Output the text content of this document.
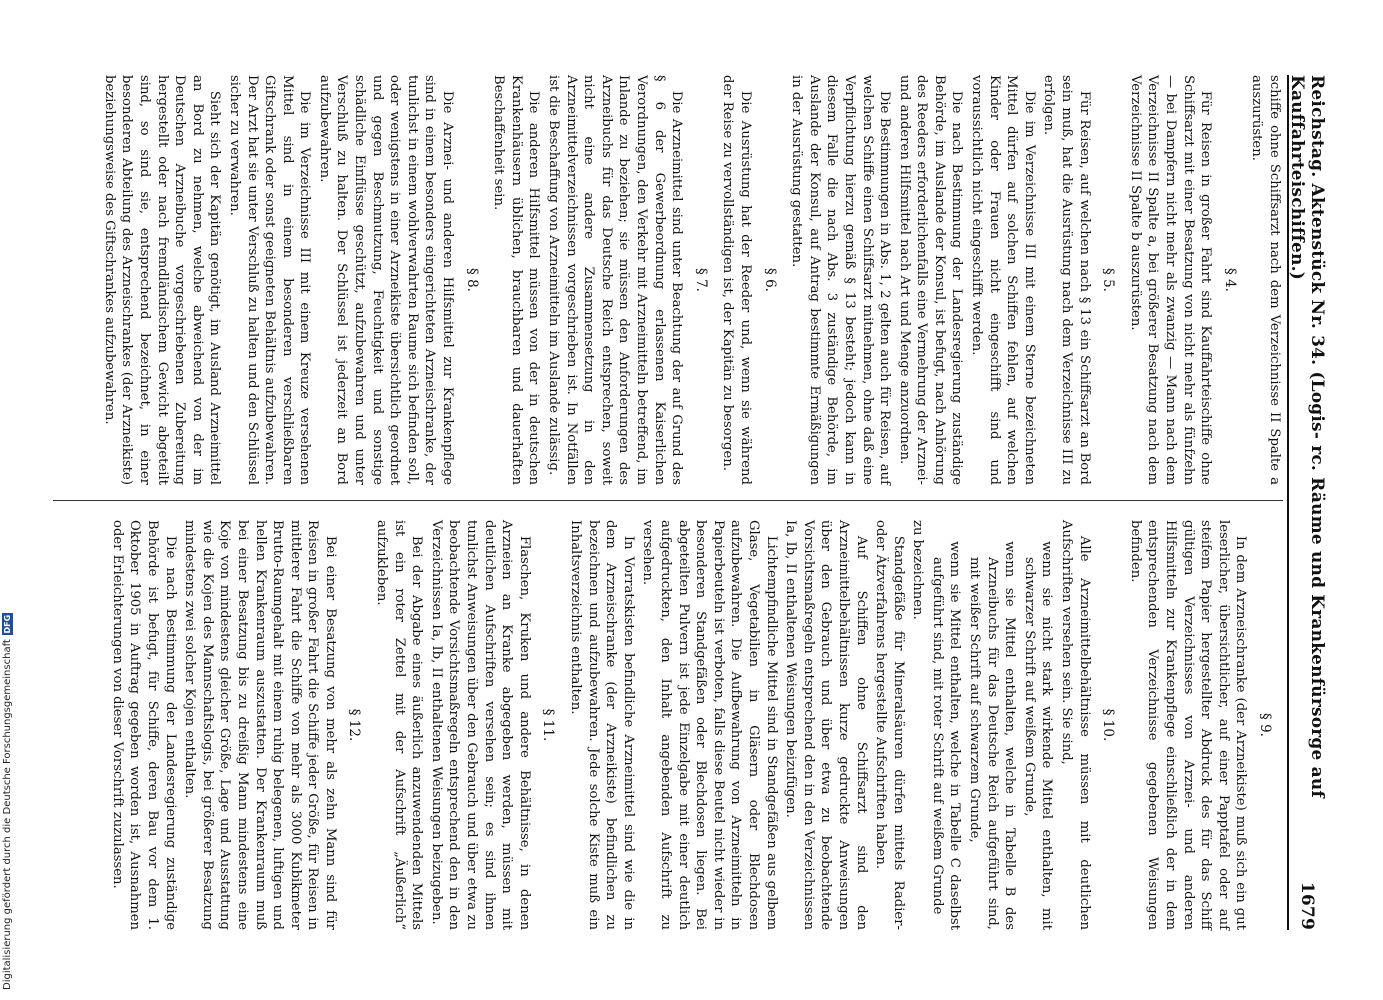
Reichstag. Aktenstück Nr. 34. (Logis- rc. Räume und Krankenfürsorge auf Kauffahrteischiffen.)
1679

schiffe ohne Schiffsarzt nach dem Verzeichnisse II Spalte a auszurüsten.

§ 4.

Für Reisen in großer Fahrt sind Kauffahrteischiffe ohne Schiffsarzt mit einer Besatzung von nicht mehr als fünfzehn — bei Dampfern nicht mehr als zwanzig — Mann nach dem Verzeichnisse II Spalte a, bei größerer Besatzung nach dem Verzeichnisse II Spalte b auszurüsten.

§ 5.

Für Reisen, auf welchen nach § 13 ein Schiffsarzt an Bord sein muß, hat die Ausrüstung nach dem Verzeichnisse III zu erfolgen.

Die im Verzeichnisse III mit einem Sterne bezeichneten Mittel dürfen auf solchen Schiffen fehlen, auf welchen Kinder oder Frauen nicht eingeschifft sind und voraussichtlich nicht eingeschifft werden.

Die nach Bestimmung der Landesregierung zuständige Behörde, im Auslande der Konsul, ist befugt, nach Anhörung des Reeders erforderlichenfalls eine Vermehrung der Arznei- und anderen Hilfsmittel nach Art und Menge anzuordnen.

Die Bestimmungen in Abs. 1, 2 gelten auch für Reisen, auf welchen Schiffe einen Schiffsarzt mitnehmen, ohne daß eine Verpflichtung hierzu gemäß § 13 besteht; jedoch kann in diesem Falle die nach Abs. 3 zuständige Behörde, im Auslande der Konsul, auf Antrag bestimmte Ermäßigungen in der Ausrüstung gestatten.

§ 6.

Die Ausrüstung hat der Reeder und, wenn sie während der Reise zu vervollständigen ist, der Kapitän zu besorgen.

§ 7.

Die Arzneimittel sind unter Beachtung der auf Grund des § 6 der Gewerbeordnung erlassenen Kaiserlichen Verordnungen, den Verkehr mit Arzneimitteln betreffend, im Inlande zu beziehen; sie müssen den Anforderungen des Arzneibuchs für das Deutsche Reich entsprechen, soweit nicht eine andere Zusammensetzung in den Arzneimittelverzeichnissen vorgeschrieben ist. In Notfällen ist die Beschaffung von Arzneimitteln im Auslande zulässig.

Die anderen Hilfsmittel müssen von der in deutschen Krankenhäusern üblichen, brauchbaren und dauerhaften Beschaffenheit sein.

§ 8.

Die Arznei- und anderen Hilfsmittel zur Krankenpflege sind in einem besonders eingerichteten Arzneischranke, der tunlichst in einem wohlverwahrten Raume sich befinden soll, oder wenigstens in einer Arzneikiste übersichtlich geordnet und gegen Beschmutzung, Feuchtigkeit und sonstige schädliche Einflüsse geschützt, aufzubewahren und unter Verschluß zu halten. Der Schlüssel ist jederzeit an Bord aufzubewahren.

Die im Verzeichnisse III mit einem Kreuze versehenen Mittel sind in einem besonderen verschließbaren Giftschrank oder sonst geeigneten Behältnis aufzubewahren. Der Arzt hat sie unter Verschluß zu halten und den Schlüssel sicher zu verwahren.

Sieht sich der Kapitän genötigt, im Ausland Arzneimittel an Bord zu nehmen, welche abweichend von der im Deutschen Arzneibuche vorgeschriebenen Zubereitung hergestellt oder nach fremdländischem Gewicht abgeteilt sind, so sind sie, entsprechend bezeichnet, in einer besonderen Abteilung des Arzneischrankes (der Arzneikiste) beziehungsweise des Giftschrankes aufzubewahren.

§ 9.

In dem Arzneischranke (der Arzneikiste) muß sich ein gut leserlicher, übersichtlicher, auf einer Papptafel oder auf steifem Papier hergestellter Abdruck des für das Schiff gültigen Verzeichnisses von Arznei- und anderen Hilfsmitteln zur Krankenpflege einschließlich der in dem entsprechenden Verzeichnisse gegebenen Weisungen befinden.

§ 10.

Alle Arzneimittelbehältnisse müssen mit deutlichen Aufschriften versehen sein. Sie sind,

wenn sie nicht stark wirkende Mittel enthalten, mit schwarzer Schrift auf weißem Grunde,

wenn sie Mittel enthalten, welche in Tabelle B des Arzneibuchs für das Deutsche Reich aufgeführt sind, mit weißer Schrift auf schwarzem Grunde,

wenn sie Mittel enthalten, welche in Tabelle C daselbst aufgeführt sind, mit roter Schrift auf weißem Grunde

zu bezeichnen.

Standgefäße für Mineralsäuren dürfen mittels Radier- oder Ätzverfahrens hergestellte Aufschriften haben.

Auf Schiffen ohne Schiffsarzt sind den Arzneimittelbehältnissen kurze gedruckte Anweisungen über den Gebrauch und über etwa zu beobachtende Vorsichtsmaßregeln entsprechend den in den Verzeichnissen Ia, Ib, II enthaltenen Weisungen beizufügen.

Lichtempfindliche Mittel sind in Standgefäßen aus gelbem Glase, Vegetabilien in Gläsern oder Blechdosen aufzubewahren. Die Aufbewahrung von Arzneimitteln in Papierbeuteln ist verboten, falls diese Beutel nicht wieder in besonderen Standgefäßen oder Blechdosen liegen. Bei abgeteilten Pulvern ist jede Einzelgabe mit einer deutlich aufgedruckten, den Inhalt angebenden Aufschrift zu versehen.

In Vorratskisten befindliche Arzneimittel sind wie die in dem Arzneischranke (der Arzneikiste) befindlichen zu bezeichnen und aufzubewahren. Jede solche Kiste muß ein Inhaltsverzeichnis enthalten.

§ 11.

Flaschen, Kruken und andere Behältnisse, in denen Arzneien an Kranke abgegeben werden, müssen mit deutlichen Aufschriften versehen sein; es sind ihnen tunlichst Anweisungen über den Gebrauch und über etwa zu beobachtende Vorsichtsmaßregeln entsprechend den in den Verzeichnissen Ia, Ib, II enthaltenen Weisungen beizugeben.

Bei der Abgabe eines äußerlich anzuwendenden Mittels ist ein roter Zettel mit der Aufschrift „Äußerlich“ aufzukleben.

§ 12.

Bei einer Besatzung von mehr als zehn Mann sind für Reisen in großer Fahrt die Schiffe jeder Größe, für Reisen in mittlerer Fahrt die Schiffe von mehr als 3000 Kubikmeter Brutto-Raumgehalt mit einem ruhig belegenen, luftigen und hellen Krankenraum auszustatten. Der Krankenraum muß bei einer Besatzung bis zu dreißig Mann mindestens eine Koje von mindestens gleicher Größe, Lage und Ausstattung wie die Kojen des Mannschaftslogis, bei größerer Besatzung mindestens zwei solcher Kojen enthalten.

Die nach Bestimmung der Landesregierung zuständige Behörde ist befugt, für Schiffe, deren Bau vor dem 1. Oktober 1905 in Auftrag gegeben worden ist, Ausnahmen oder Erleichterungen von dieser Vorschrift zuzulassen.

Digitalisierung gefördert durch die Deutsche Forschungsgemeinschaft
DFG
